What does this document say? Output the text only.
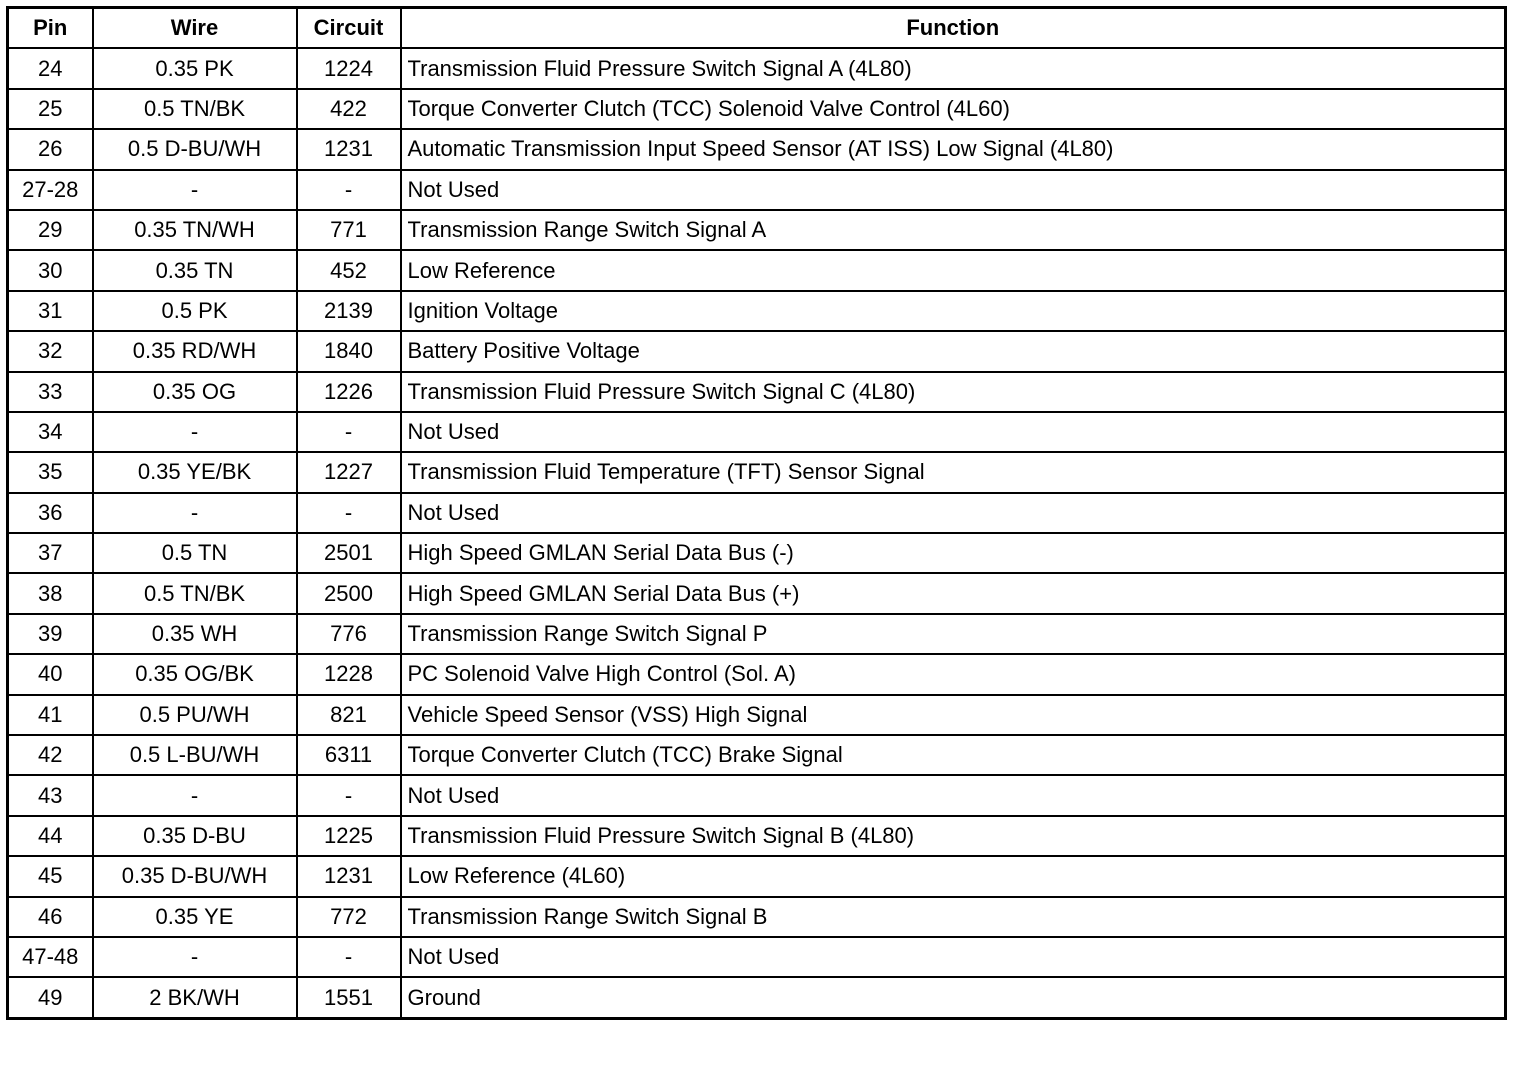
Pin	Wire	Circuit	Function
24	0.35 PK	1224	Transmission Fluid Pressure Switch Signal A (4L80)
25	0.5 TN/BK	422	Torque Converter Clutch (TCC) Solenoid Valve Control (4L60)
26	0.5 D-BU/WH	1231	Automatic Transmission Input Speed Sensor (AT ISS) Low Signal (4L80)
27-28	-	-	Not Used
29	0.35 TN/WH	771	Transmission Range Switch Signal A
30	0.35 TN	452	Low Reference
31	0.5 PK	2139	Ignition Voltage
32	0.35 RD/WH	1840	Battery Positive Voltage
33	0.35 OG	1226	Transmission Fluid Pressure Switch Signal C (4L80)
34	-	-	Not Used
35	0.35 YE/BK	1227	Transmission Fluid Temperature (TFT) Sensor Signal
36	-	-	Not Used
37	0.5 TN	2501	High Speed GMLAN Serial Data Bus (-)
38	0.5 TN/BK	2500	High Speed GMLAN Serial Data Bus (+)
39	0.35 WH	776	Transmission Range Switch Signal P
40	0.35 OG/BK	1228	PC Solenoid Valve High Control (Sol. A)
41	0.5 PU/WH	821	Vehicle Speed Sensor (VSS) High Signal
42	0.5 L-BU/WH	6311	Torque Converter Clutch (TCC) Brake Signal
43	-	-	Not Used
44	0.35 D-BU	1225	Transmission Fluid Pressure Switch Signal B (4L80)
45	0.35 D-BU/WH	1231	Low Reference (4L60)
46	0.35 YE	772	Transmission Range Switch Signal B
47-48	-	-	Not Used
49	2 BK/WH	1551	Ground
